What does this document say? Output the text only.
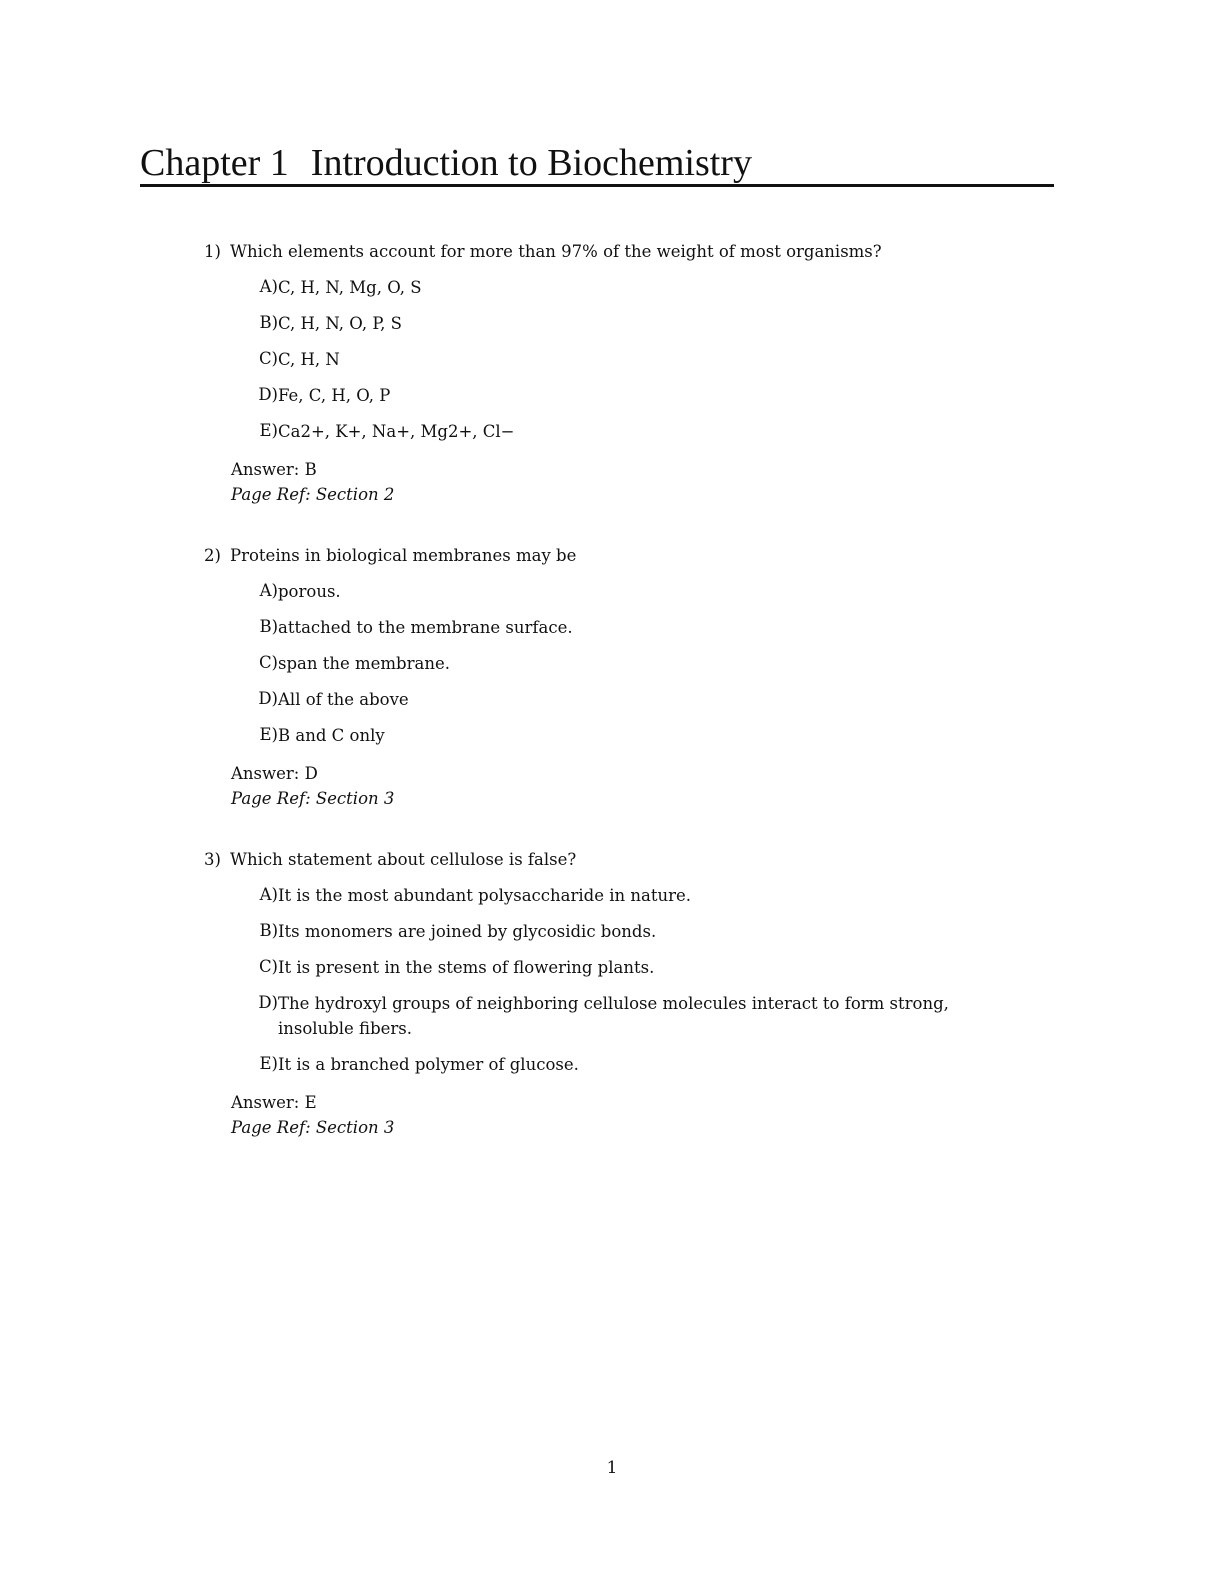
Chapter 1 Introduction to Biochemistry
1) Which elements account for more than 97% of the weight of most organisms?
A) C, H, N, Mg, O, S
B) C, H, N, O, P, S
C) C, H, N
D) Fe, C, H, O, P
E) Ca2+, K+, Na+, Mg2+, Cl−
Answer: B
Page Ref: Section 2
2) Proteins in biological membranes may be
A) porous.
B) attached to the membrane surface.
C) span the membrane.
D) All of the above
E) B and C only
Answer: D
Page Ref: Section 3
3) Which statement about cellulose is false?
A) It is the most abundant polysaccharide in nature.
B) Its monomers are joined by glycosidic bonds.
C) It is present in the stems of flowering plants.
D) The hydroxyl groups of neighboring cellulose molecules interact to form strong, insoluble fibers.
E) It is a branched polymer of glucose.
Answer: E
Page Ref: Section 3
1
